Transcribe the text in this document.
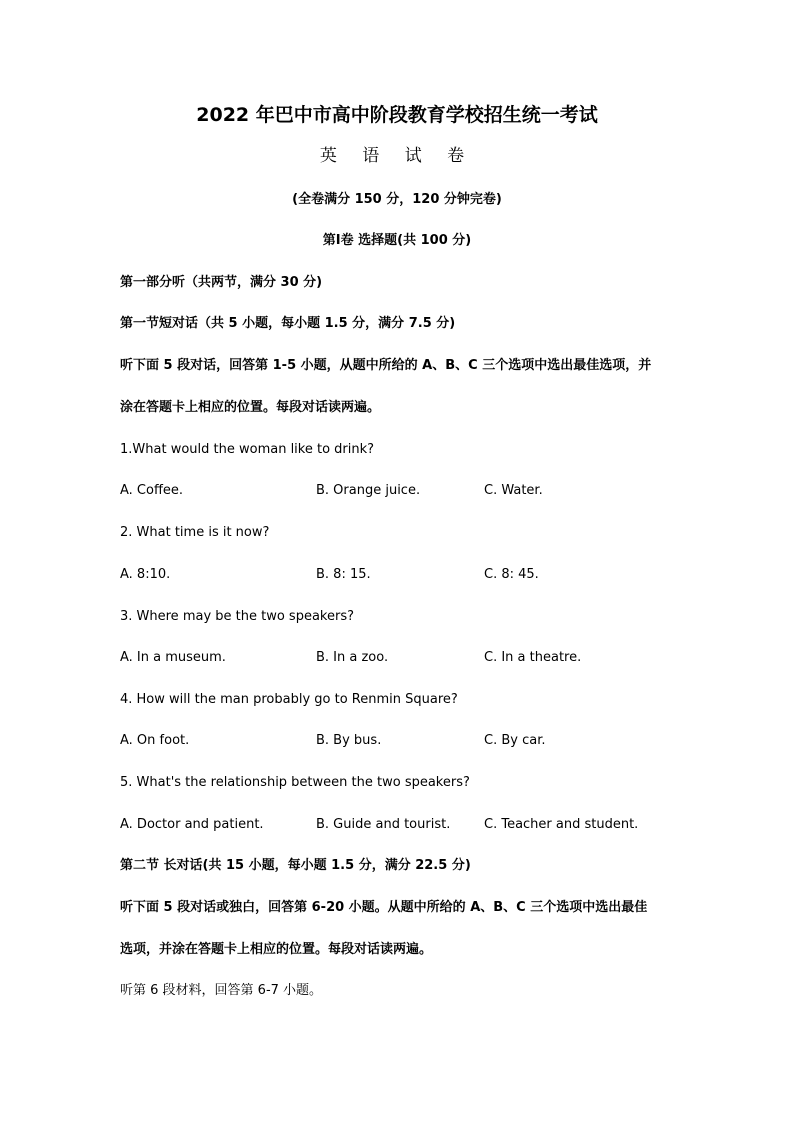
2022 年巴中市高中阶段教育学校招生统一考试
英 语 试 卷
(全卷满分 150 分，120 分钟完卷)
第Ⅰ卷 选择题(共 100 分)
第一部分听（共两节，满分 30 分)
第一节短对话（共 5 小题，每小题 1.5 分，满分 7.5 分)
听下面 5 段对话，回答第 1-5 小题，从题中所给的 A、B、C 三个选项中选出最佳选项，并
涂在答题卡上相应的位置。每段对话读两遍。
1.What would the woman like to drink?
A. Coffee.	B. Orange juice.	C. Water.
2. What time is it now?
A. 8:10.	B. 8: 15.	C. 8: 45.
3. Where may be the two speakers?
A. In a museum.	B. In a zoo.	C. In a theatre.
4. How will the man probably go to Renmin Square?
A. On foot.	B. By bus.	C. By car.
5. What's the relationship between the two speakers?
A. Doctor and patient.	B. Guide and tourist.	C. Teacher and student.
第二节 长对话(共 15 小题，每小题 1.5 分，满分 22.5 分)
听下面 5 段对话或独白，回答第 6-20 小题。从题中所给的 A、B、C 三个选项中选出最佳
选项，并涂在答题卡上相应的位置。每段对话读两遍。
听第 6 段材料，回答第 6-7 小题。
